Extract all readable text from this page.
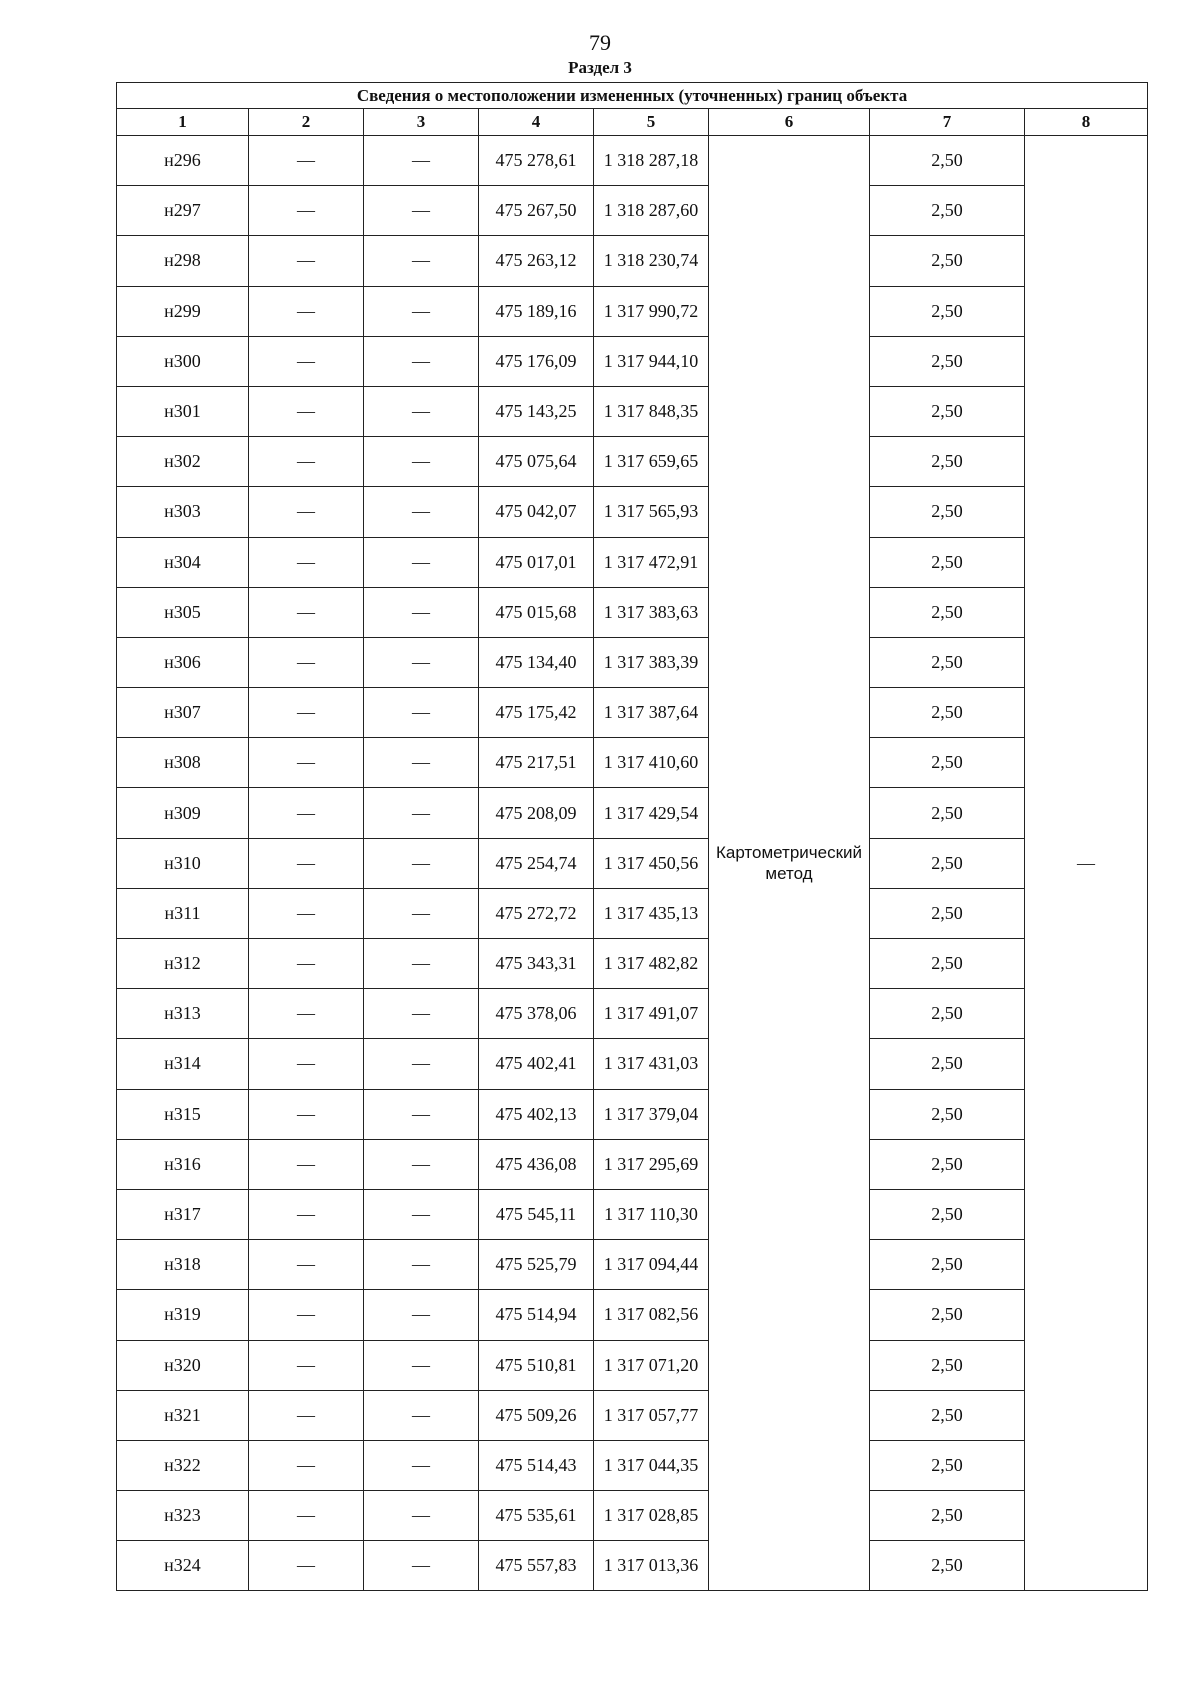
79
Раздел 3
Сведения о местоположении измененных (уточненных) границ объекта							
1	2	3	4	5	6	7	8
н296	—	—	475 278,61	1 318 287,18	Картометрический метод	2,50	—
н297	—	—	475 267,50	1 318 287,60		2,50	
н298	—	—	475 263,12	1 318 230,74		2,50	
н299	—	—	475 189,16	1 317 990,72		2,50	
н300	—	—	475 176,09	1 317 944,10		2,50	
н301	—	—	475 143,25	1 317 848,35		2,50	
н302	—	—	475 075,64	1 317 659,65		2,50	
н303	—	—	475 042,07	1 317 565,93		2,50	
н304	—	—	475 017,01	1 317 472,91		2,50	
н305	—	—	475 015,68	1 317 383,63		2,50	
н306	—	—	475 134,40	1 317 383,39		2,50	
н307	—	—	475 175,42	1 317 387,64		2,50	
н308	—	—	475 217,51	1 317 410,60		2,50	
н309	—	—	475 208,09	1 317 429,54		2,50	
н310	—	—	475 254,74	1 317 450,56		2,50	
н311	—	—	475 272,72	1 317 435,13		2,50	
н312	—	—	475 343,31	1 317 482,82		2,50	
н313	—	—	475 378,06	1 317 491,07		2,50	
н314	—	—	475 402,41	1 317 431,03		2,50	
н315	—	—	475 402,13	1 317 379,04		2,50	
н316	—	—	475 436,08	1 317 295,69		2,50	
н317	—	—	475 545,11	1 317 110,30		2,50	
н318	—	—	475 525,79	1 317 094,44		2,50	
н319	—	—	475 514,94	1 317 082,56		2,50	
н320	—	—	475 510,81	1 317 071,20		2,50	
н321	—	—	475 509,26	1 317 057,77		2,50	
н322	—	—	475 514,43	1 317 044,35		2,50	
н323	—	—	475 535,61	1 317 028,85		2,50	
н324	—	—	475 557,83	1 317 013,36		2,50	
